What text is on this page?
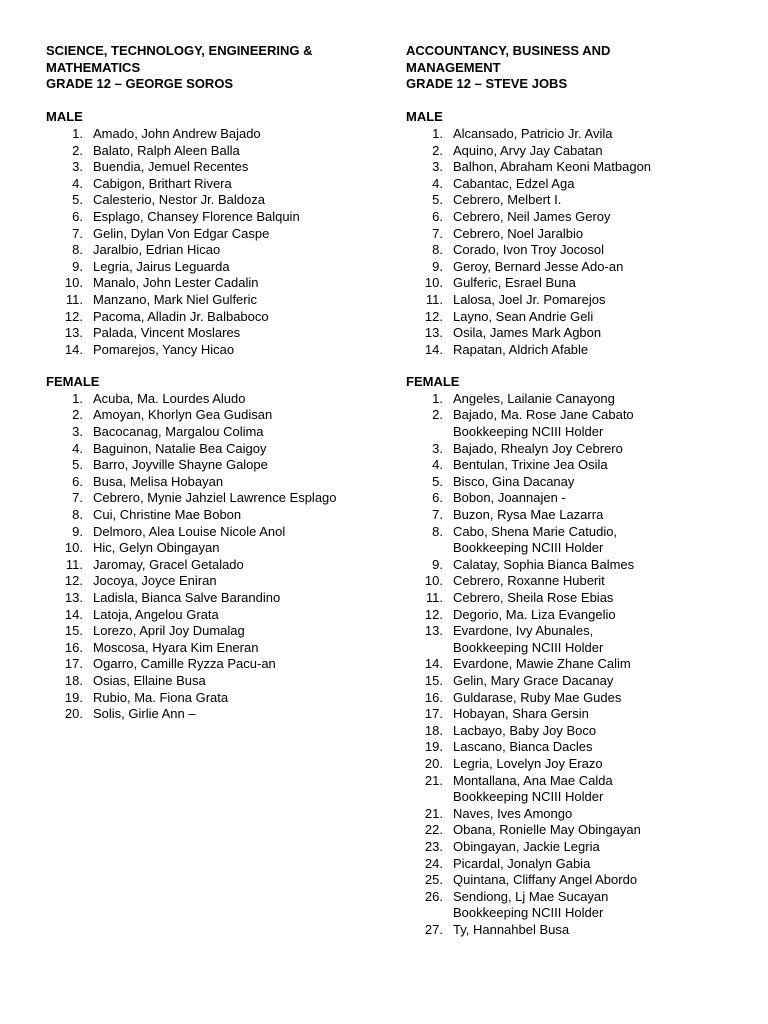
SCIENCE, TECHNOLOGY, ENGINEERING &

MATHEMATICS

GRADE 12 – GEORGE SOROS

MALE

1. Amado, John Andrew Bajado
2. Balato, Ralph Aleen Balla
3. Buendia, Jemuel Recentes
4. Cabigon, Brithart Rivera
5. Calesterio, Nestor Jr. Baldoza
6. Esplago, Chansey Florence Balquin
7. Gelin, Dylan Von Edgar Caspe
8. Jaralbio, Edrian Hicao
9. Legria, Jairus Leguarda
10. Manalo, John Lester Cadalin
11. Manzano, Mark Niel Gulferic
12. Pacoma, Alladin Jr. Balbaboco
13. Palada, Vincent Moslares
14. Pomarejos, Yancy Hicao

FEMALE

1. Acuba, Ma. Lourdes Aludo
2. Amoyan, Khorlyn Gea Gudisan
3. Bacocanag, Margalou Colima
4. Baguinon, Natalie Bea Caigoy
5. Barro, Joyville Shayne Galope
6. Busa, Melisa Hobayan
7. Cebrero, Mynie Jahziel Lawrence Esplago
8. Cui, Christine Mae Bobon
9. Delmoro, Alea Louise Nicole Anol
10. Hic, Gelyn Obingayan
11. Jaromay, Gracel Getalado
12. Jocoya, Joyce Eniran
13. Ladisla, Bianca Salve Barandino
14. Latoja, Angelou Grata
15. Lorezo, April Joy Dumalag
16. Moscosa, Hyara Kim Eneran
17. Ogarro, Camille Ryzza Pacu-an
18. Osias, Ellaine Busa
19. Rubio, Ma. Fiona Grata
20. Solis, Girlie Ann –

ACCOUNTANCY, BUSINESS AND

MANAGEMENT

GRADE 12 – STEVE JOBS

MALE

1. Alcansado, Patricio Jr. Avila
2. Aquino, Arvy Jay Cabatan
3. Balhon, Abraham Keoni Matbagon
4. Cabantac, Edzel Aga
5. Cebrero, Melbert I.
6. Cebrero, Neil James Geroy
7. Cebrero, Noel Jaralbio
8. Corado, Ivon Troy Jocosol
9. Geroy, Bernard Jesse Ado-an
10. Gulferic, Esrael Buna
11. Lalosa, Joel Jr. Pomarejos
12. Layno, Sean Andrie Geli
13. Osila, James Mark Agbon
14. Rapatan, Aldrich Afable

FEMALE

1. Angeles, Lailanie Canayong
2. Bajado, Ma. Rose Jane Cabato
Bookkeeping NCIII Holder
3. Bajado, Rhealyn Joy Cebrero
4. Bentulan, Trixine Jea Osila
5. Bisco, Gina Dacanay
6. Bobon, Joannajen -
7. Buzon, Rysa Mae Lazarra
8. Cabo, Shena Marie Catudio,
Bookkeeping NCIII Holder
9. Calatay, Sophia Bianca Balmes
10. Cebrero, Roxanne Huberit
11. Cebrero, Sheila Rose Ebias
12. Degorio, Ma. Liza Evangelio
13. Evardone, Ivy Abunales,
Bookkeeping NCIII Holder
14. Evardone, Mawie Zhane Calim
15. Gelin, Mary Grace Dacanay
16. Guldarase, Ruby Mae Gudes
17. Hobayan, Shara Gersin
18. Lacbayo, Baby Joy Boco
19. Lascano, Bianca Dacles
20. Legria, Lovelyn Joy Erazo
21. Montallana, Ana Mae Calda
Bookkeeping NCIII Holder
21. Naves, Ives Amongo
22. Obana, Ronielle May Obingayan
23. Obingayan, Jackie Legria
24. Picardal, Jonalyn Gabia
25. Quintana, Cliffany Angel Abordo
26. Sendiong, Lj Mae Sucayan
Bookkeeping NCIII Holder
27. Ty, Hannahbel Busa
